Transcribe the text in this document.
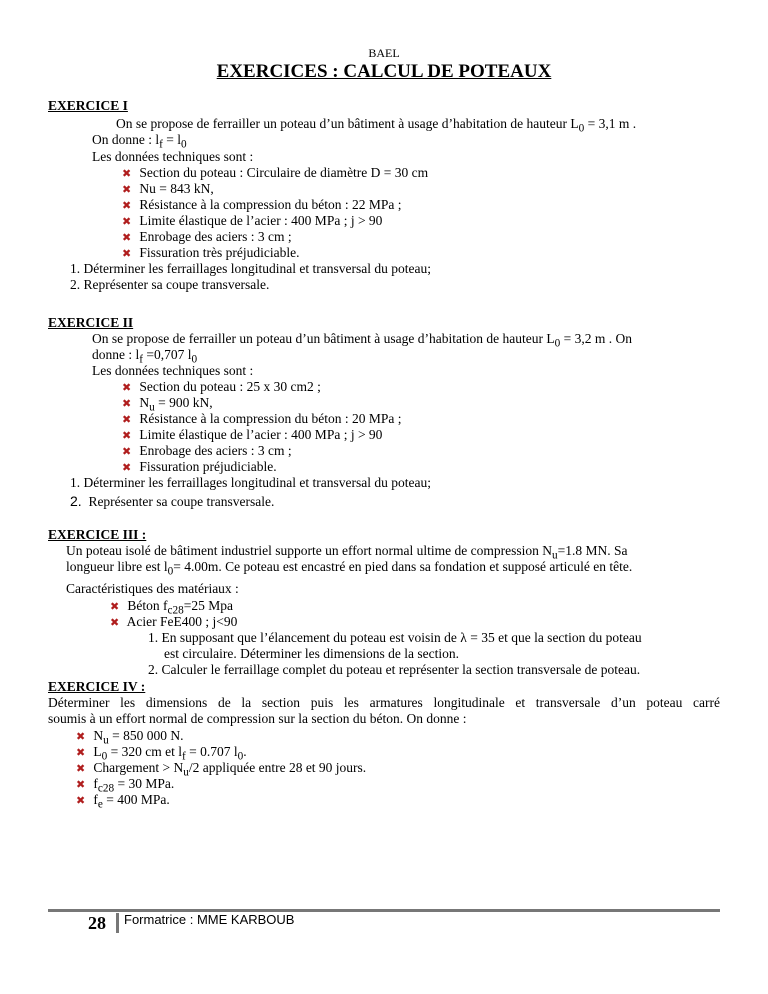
BAEL
EXERCICES : CALCUL DE POTEAUX
EXERCICE I
On se propose de ferrailler un poteau d’un bâtiment à usage d’habitation de hauteur $L_0 = 3,1$ m .
On donne : $l_f = l_0$
Les données techniques sont :
✖ Section du poteau : Circulaire de diamètre D = 30 cm
✖ Nu = 843 kN,
✖ Résistance à la compression du béton : 22 MPa ;
✖ Limite élastique de l’acier : 400 MPa ; j > 90
✖ Enrobage des aciers : 3 cm ;
✖ Fissuration très préjudiciable.
1. Déterminer les ferraillages longitudinal et transversal du poteau;
2. Représenter sa coupe transversale.
EXERCICE II
On se propose de ferrailler un poteau d’un bâtiment à usage d’habitation de hauteur $L_0 = 3,2$ m . On
donne : $l_f =0,707$ $l_0$
Les données techniques sont :
✖ Section du poteau : 25 x 30 cm2 ;
✖ $N_u = 900$ kN,
✖ Résistance à la compression du béton : 20 MPa ;
✖ Limite élastique de l’acier : 400 MPa ; j > 90
✖ Enrobage des aciers : 3 cm ;
✖ Fissuration préjudiciable.
1. Déterminer les ferraillages longitudinal et transversal du poteau;
2. Représenter sa coupe transversale.
EXERCICE III :
Un poteau isolé de bâtiment industriel supporte un effort normal ultime de compression $N_u=1.8$ MN. Sa
longueur libre est $l_0= 4.00m$. Ce poteau est encastré en pied dans sa fondation et supposé articulé en tête.
Caractéristiques des matériaux :
✖ Béton $f_{c28}=25$ Mpa
✖ Acier FeE400 ; j<90
1. En supposant que l’élancement du poteau est voisin de λ = 35 et que la section du poteau
est circulaire. Déterminer les dimensions de la section.
2. Calculer le ferraillage complet du poteau et représenter la section transversale de poteau.
EXERCICE IV :
Déterminer les dimensions de la section puis les armatures longitudinale et transversale d’un poteau carré
soumis à un effort normal de compression sur la section du béton. On donne :
✖ $N_u = 850$ 000 N.
✖ $L_0 = 320$ cm et $l_f = 0.707$ $l_0$.
✖ Chargement > $N_u/2$ appliquée entre 28 et 90 jours.
✖ $f_{c28} = 30$ MPa.
✖ $f_e = 400$ MPa.
28 Formatrice : MME KARBOUB
